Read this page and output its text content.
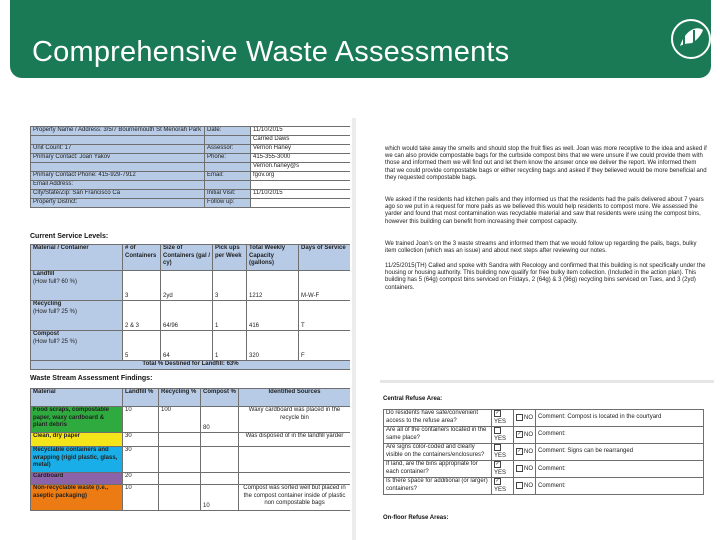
Comprehensive Waste Assessments
Property Name / Address: 3/5/7 Bournemouth St Menorah Park	Date:	11/10/2015
		Carried Daws
Unit Count: 17	Assessor:	Vernon Haney
Primary Contact: Joan Yakov	Phone:	415-355-3000
		Vernon.haney@s
Primary Contact Phone: 415-929-7912	Email:	fgov.org
Email Address:		
City/State/Zip: San Francisco Ca	Initial Visit:	11/10/2015
Property District:	Follow up:	
Current Service Levels:
Material / Container	# of Containers	Size of Containers (gal / cy)	Pick ups per Week	Total Weekly Capacity (gallons)	Days of Service

Landfill
(How full? 60 %)	3	2yd	3	1212	M-W-F

Recycling
(How full? 25 %)	2 & 3	64/96	1	416	T

Compost
(How full? 25 %)	5	64	1	320	F
Total % Destined for Landfill: 63%					
Waste Stream Assessment Findings:
Material	Landfill %	Recycling %	Compost %	Identified Sources
Food scraps, compostable paper, waxy cardboard & plant debris	10	100	80	Waxy cardboard was placed in the recycle bin
Clean, dry paper	30			Was disposed of in the landfill yarder
Recyclable containers and wrapping (rigid plastic, glass, metal)	30			
Cardboard	20			
Non-recyclable waste (i.e., aseptic packaging)	10		10	Compost was sorted well but placed in the compost container inside of plastic non compostable bags
which would take away the smells and should stop the fruit flies as well. Joan was more receptive to the idea and asked if we can also provide compostable bags for the curbside compost bins that we were unsure if we could provide them with those and informed them we will find out and let them know the answer once we deliver the report. We informed them that we could provide compostable bags or either recycling bags and asked if they believed would be more beneficial and they requested compostable bags.
We asked if the residents had kitchen pails and they informed us that the residents had the pails delivered about 7 years ago so we put in a request for more pails as we believed this would help residents to compost more. We assessed the yarder and found that most contamination was recyclable material and saw that residents were using the compost bins, however this building can benefit from increasing their compost capacity.
We trained Joan's on the 3 waste streams and informed them that we would follow up regarding the pails, bags, bulky item collection (which was an issue) and about next steps after reviewing our notes.
11/25/2015(TH) Called and spoke with Sandra with Recology and confirmed that this building is not specifically under the housing or housing authority. This building now qualify for free bulky item collection. (Included in the action plan). This building has 5 (64g) compost bins serviced on Fridays, 2 (64g) & 3 (96g) recycling bins serviced on Tues, and 3 (2yd) containers.
Central Refuse Area:
Do residents have safe/convenient access to the refuse area?	✓YES	NO	Comment: Compost is located in the courtyard
Are all of the containers located in the same place?	YES	✓ NO	Comment:
Are signs color-coded and clearly visible on the containers/enclosures?	YES	✓ NO	Comment: Signs can be rearranged
If land, are the bins appropriate for each container?	✓YES	NO	Comment:
Is there space for additional (or larger) containers?	✓YES	NO	Comment:
On-floor Refuse Areas:
